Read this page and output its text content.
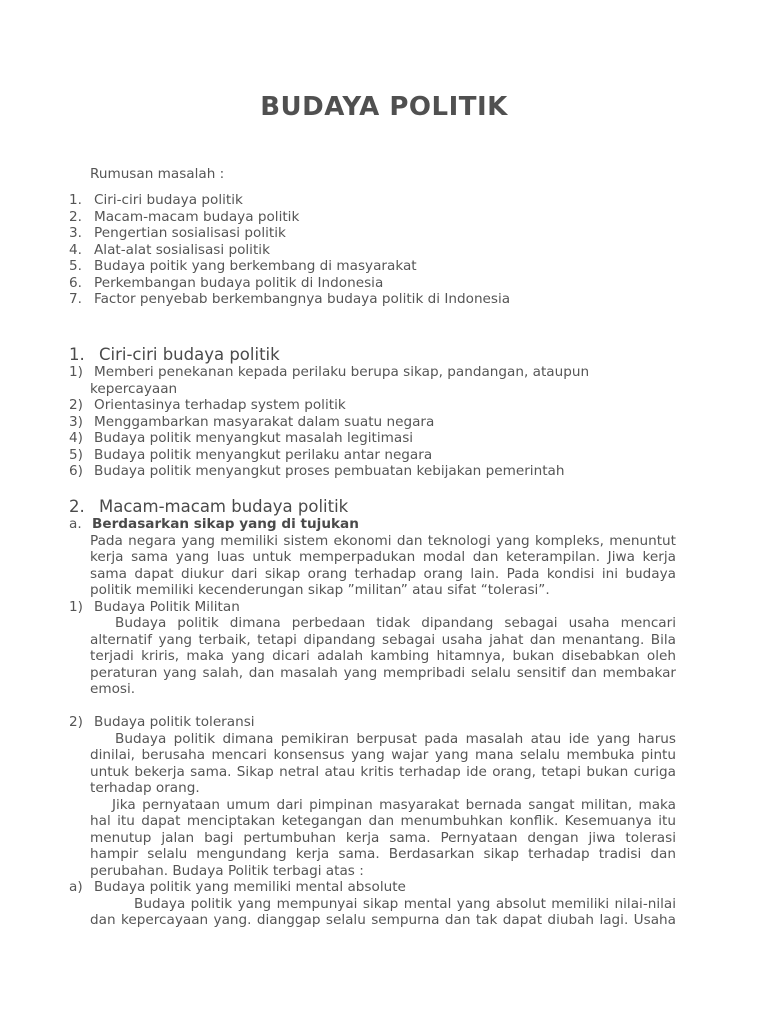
BUDAYA POLITIK
Rumusan masalah :
1. Ciri-ciri budaya politik
2. Macam-macam budaya politik
3. Pengertian sosialisasi politik
4. Alat-alat sosialisasi politik
5. Budaya poitik yang berkembang di masyarakat
6. Perkembangan budaya politik di Indonesia
7. Factor penyebab berkembangnya budaya politik di Indonesia
1. Ciri-ciri budaya politik
1) Memberi penekanan kepada perilaku berupa sikap, pandangan, ataupun
kepercayaan
2) Orientasinya terhadap system politik
3) Menggambarkan masyarakat dalam suatu negara
4) Budaya politik menyangkut masalah legitimasi
5) Budaya politik menyangkut perilaku antar negara
6) Budaya politik menyangkut proses pembuatan kebijakan pemerintah
2. Macam-macam budaya politik
a. Berdasarkan sikap yang di tujukan
Pada negara yang memiliki sistem ekonomi dan teknologi yang kompleks, menuntut
kerja sama yang luas untuk memperpadukan modal dan keterampilan. Jiwa kerja
sama dapat diukur dari sikap orang terhadap orang lain. Pada kondisi ini budaya
politik memiliki kecenderungan sikap ”militan” atau sifat “tolerasi”.
1) Budaya Politik Militan
Budaya politik dimana perbedaan tidak dipandang sebagai usaha mencari
alternatif yang terbaik, tetapi dipandang sebagai usaha jahat dan menantang. Bila
terjadi kriris, maka yang dicari adalah kambing hitamnya, bukan disebabkan oleh
peraturan yang salah, dan masalah yang mempribadi selalu sensitif dan membakar
emosi.
2) Budaya politik toleransi
Budaya politik dimana pemikiran berpusat pada masalah atau ide yang harus
dinilai, berusaha mencari konsensus yang wajar yang mana selalu membuka pintu
untuk bekerja sama. Sikap netral atau kritis terhadap ide orang, tetapi bukan curiga
terhadap orang.
Jika pernyataan umum dari pimpinan masyarakat bernada sangat militan, maka
hal itu dapat menciptakan ketegangan dan menumbuhkan konflik. Kesemuanya itu
menutup jalan bagi pertumbuhan kerja sama. Pernyataan dengan jiwa tolerasi
hampir selalu mengundang kerja sama. Berdasarkan sikap terhadap tradisi dan
perubahan. Budaya Politik terbagi atas :
a) Budaya politik yang memiliki mental absolute
Budaya politik yang mempunyai sikap mental yang absolut memiliki nilai-nilai
dan kepercayaan yang. dianggap selalu sempurna dan tak dapat diubah lagi. Usaha
